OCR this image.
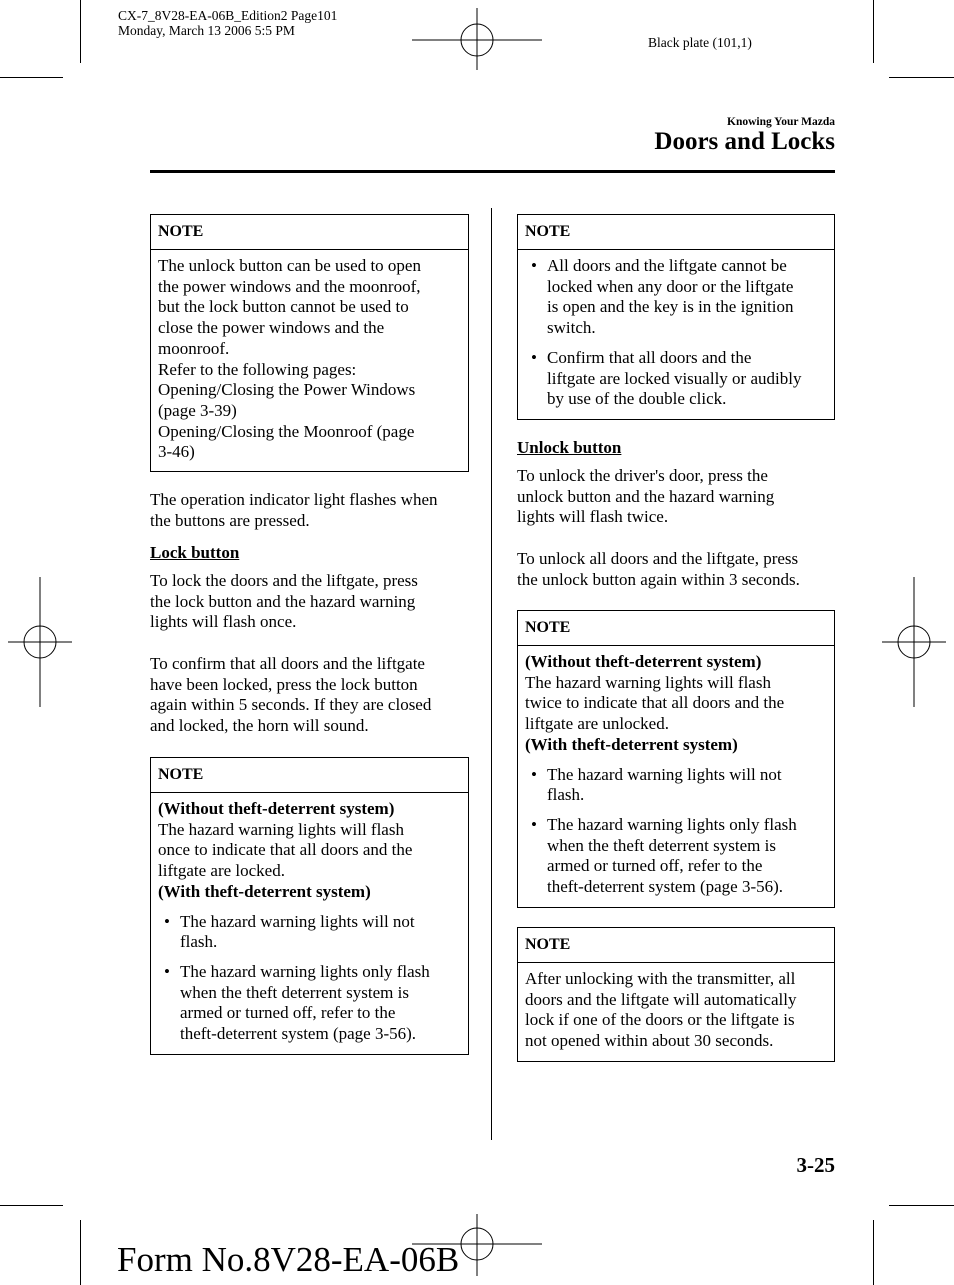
CX-7_8V28-EA-06B_Edition2 Page101
Monday, March 13 2006 5:5 PM
Black plate (101,1)
Knowing Your Mazda
Doors and Locks
NOTE

The unlock button can be used to open

the power windows and the moonroof,

but the lock button cannot be used to

close the power windows and the

moonroof.

Refer to the following pages:

Opening/Closing the Power Windows

(page 3-39)

Opening/Closing the Moonroof (page

3-46)

The operation indicator light flashes when

the buttons are pressed.

Lock button

To lock the doors and the liftgate, press

the lock button and the hazard warning

lights will flash once.

To confirm that all doors and the liftgate

have been locked, press the lock button

again within 5 seconds. If they are closed

and locked, the horn will sound.

NOTE

(Without theft-deterrent system)

The hazard warning lights will flash

once to indicate that all doors and the

liftgate are locked.

(With theft-deterrent system)

• The hazard warning lights will not
flash.
• The hazard warning lights only flash
when the theft deterrent system is
armed or turned off, refer to the
theft-deterrent system (page 3-56).
NOTE
• All doors and the liftgate cannot be
locked when any door or the liftgate
is open and the key is in the ignition
switch.
• Confirm that all doors and the
liftgate are locked visually or audibly
by use of the double click.
Unlock button

To unlock the driver's door, press the

unlock button and the hazard warning

lights will flash twice.

To unlock all doors and the liftgate, press

the unlock button again within 3 seconds.

NOTE

(Without theft-deterrent system)

The hazard warning lights will flash

twice to indicate that all doors and the

liftgate are unlocked.

(With theft-deterrent system)

• The hazard warning lights will not
flash.
• The hazard warning lights only flash
when the theft deterrent system is
armed or turned off, refer to the
theft-deterrent system (page 3-56).
NOTE

After unlocking with the transmitter, all

doors and the liftgate will automatically

lock if one of the doors or the liftgate is

not opened within about 30 seconds.

3-25
Form No.8V28-EA-06B
